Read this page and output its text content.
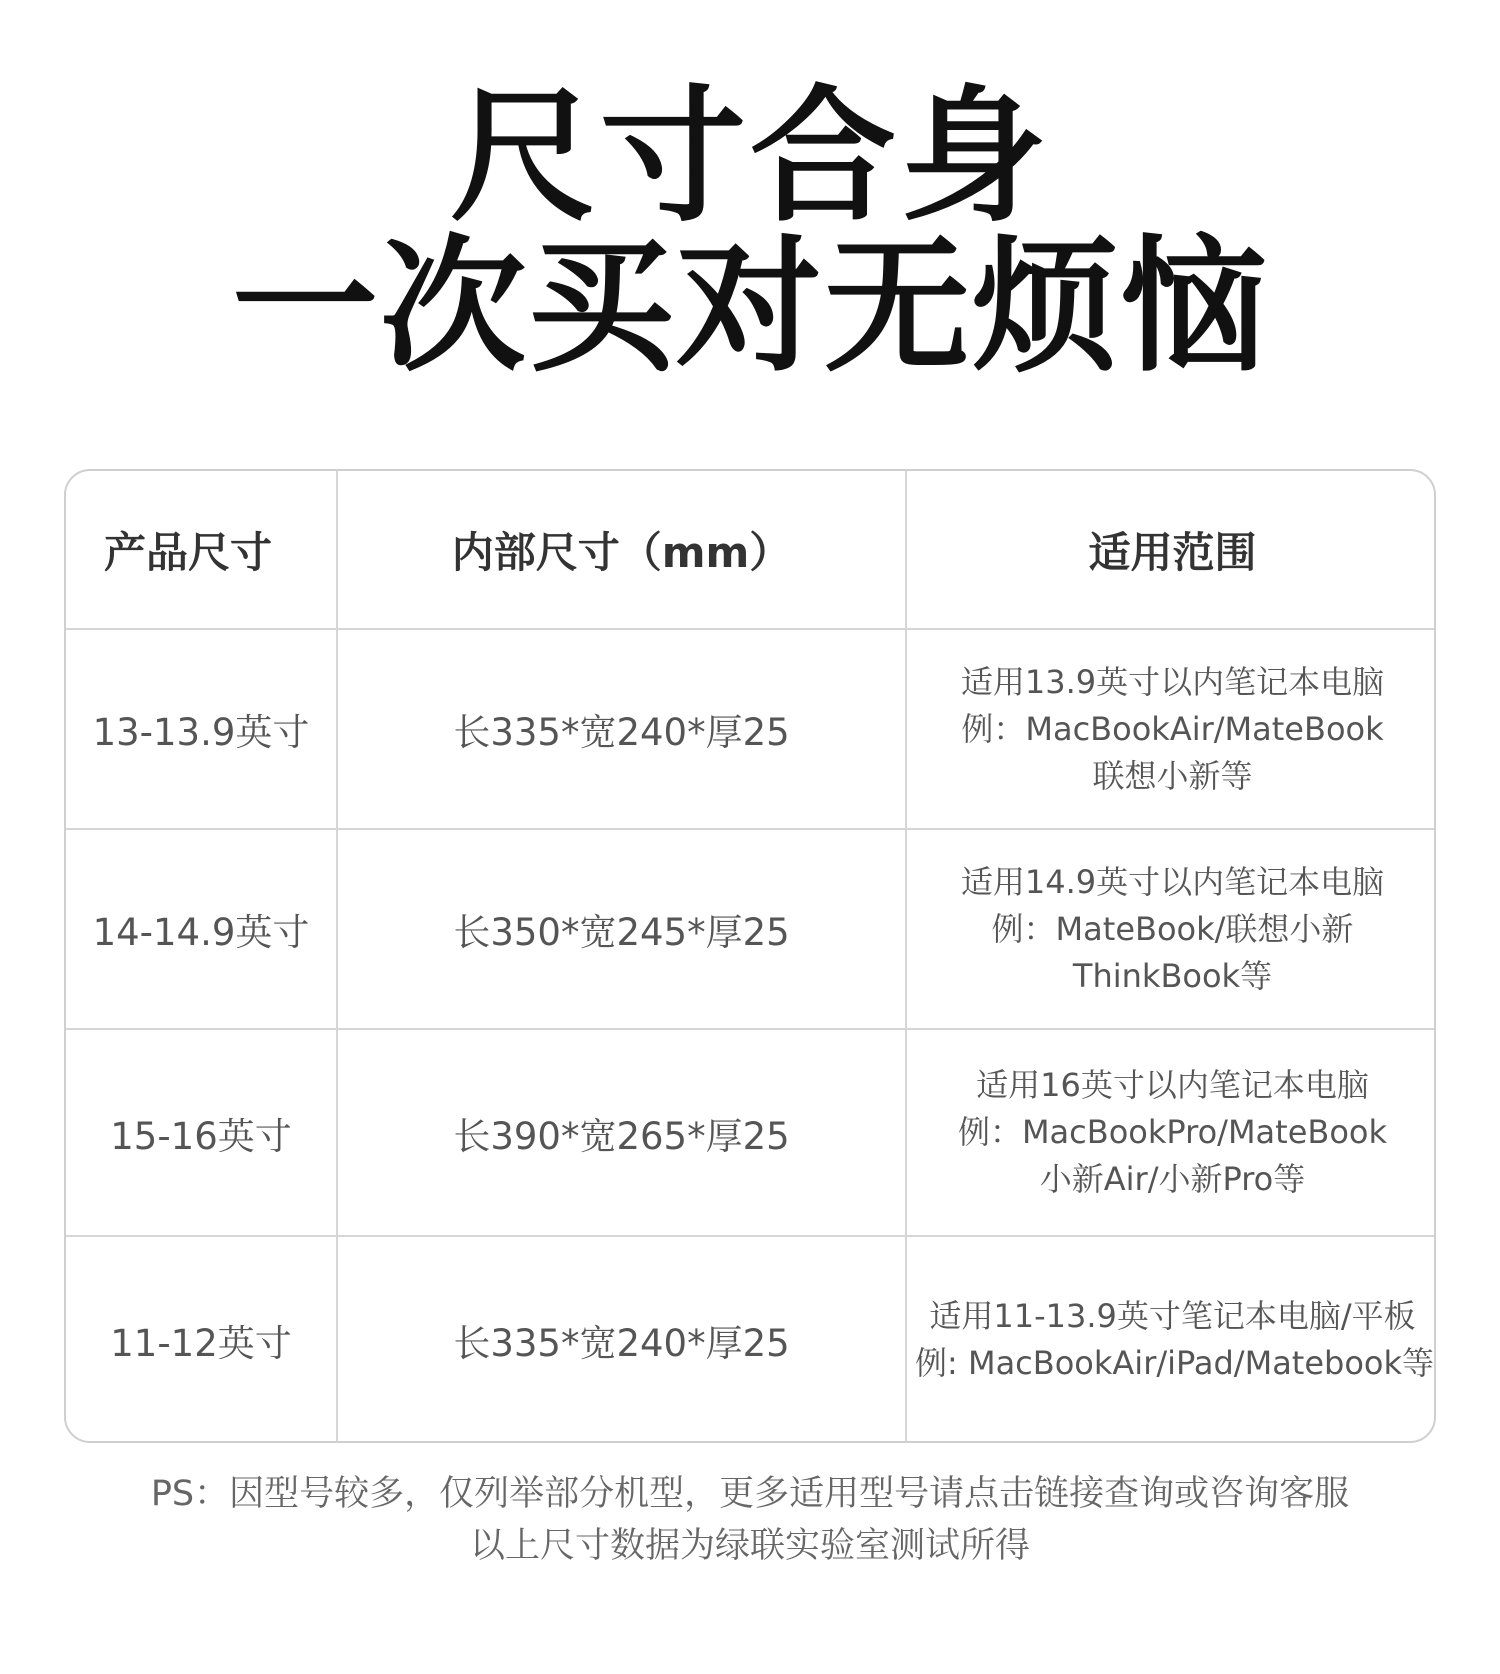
尺寸合身
一次买对无烦恼
产品尺寸	内部尺寸（mm）	适用范围
13-13.9英寸	长335*宽240*厚25	适用13.9英寸以内笔记本电脑
例：MacBookAir/MateBook
联想小新等

14-14.9英寸	长350*宽245*厚25	适用14.9英寸以内笔记本电脑
例：MateBook/联想小新
ThinkBook等

15-16英寸	长390*宽265*厚25	适用16英寸以内笔记本电脑
例：MacBookPro/MateBook
小新Air/小新Pro等

11-12英寸	长335*宽240*厚25	适用11-13.9英寸笔记本电脑/平板
例: MacBookAir/iPad/Matebook等
PS：因型号较多，仅列举部分机型，更多适用型号请点击链接查询或咨询客服
以上尺寸数据为绿联实验室测试所得
